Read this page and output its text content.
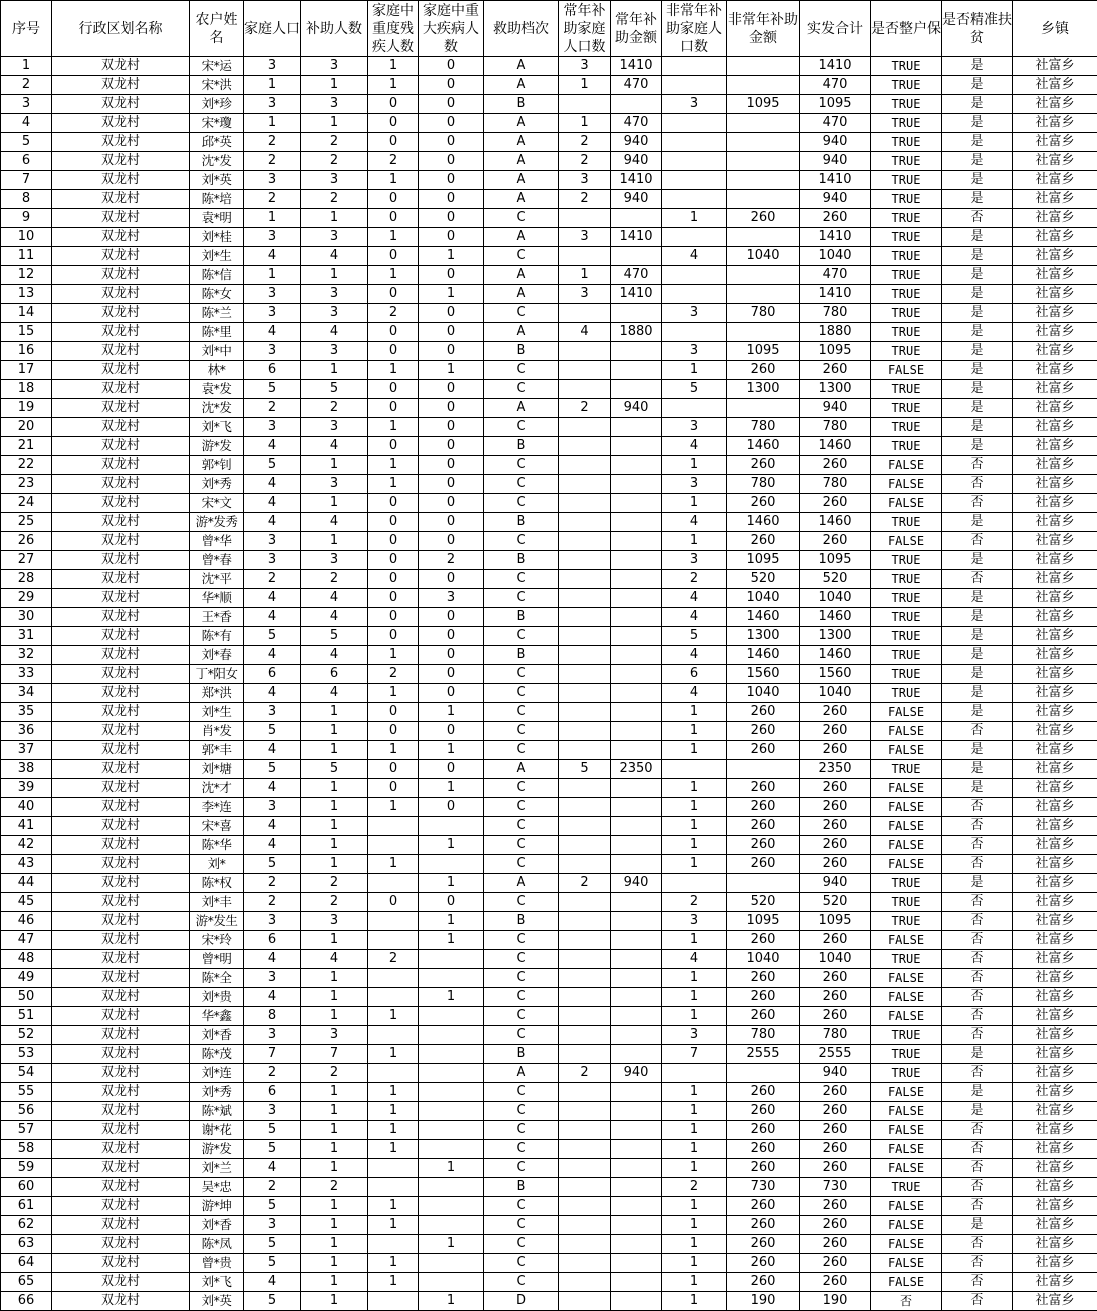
序号	行政区划名称	农户姓名	家庭人口	补助人数	家庭中重度残疾人数	家庭中重大疾病人数	救助档次	常年补助家庭人口数	常年补助金额	非常年补助家庭人口数	非常年补助金额	实发合计	是否整户保	是否精准扶贫	乡镇
1	双龙村	宋*运	3	3	1	0	A	3	1410			1410	TRUE	是	社富乡
2	双龙村	宋*洪	1	1	1	0	A	1	470			470	TRUE	是	社富乡
3	双龙村	刘*珍	3	3	0	0	B			3	1095	1095	TRUE	是	社富乡
4	双龙村	宋*瓊	1	1	0	0	A	1	470			470	TRUE	是	社富乡
5	双龙村	邱*英	2	2	0	0	A	2	940			940	TRUE	是	社富乡
6	双龙村	沈*发	2	2	2	0	A	2	940			940	TRUE	是	社富乡
7	双龙村	刘*英	3	3	1	0	A	3	1410			1410	TRUE	是	社富乡
8	双龙村	陈*培	2	2	0	0	A	2	940			940	TRUE	是	社富乡
9	双龙村	袁*明	1	1	0	0	C			1	260	260	TRUE	否	社富乡
10	双龙村	刘*桂	3	3	1	0	A	3	1410			1410	TRUE	是	社富乡
11	双龙村	刘*生	4	4	0	1	C			4	1040	1040	TRUE	是	社富乡
12	双龙村	陈*信	1	1	1	0	A	1	470			470	TRUE	是	社富乡
13	双龙村	陈*女	3	3	0	1	A	3	1410			1410	TRUE	是	社富乡
14	双龙村	陈*兰	3	3	2	0	C			3	780	780	TRUE	是	社富乡
15	双龙村	陈*里	4	4	0	0	A	4	1880			1880	TRUE	是	社富乡
16	双龙村	刘*中	3	3	0	0	B			3	1095	1095	TRUE	是	社富乡
17	双龙村	林*	6	1	1	1	C			1	260	260	FALSE	是	社富乡
18	双龙村	袁*发	5	5	0	0	C			5	1300	1300	TRUE	是	社富乡
19	双龙村	沈*发	2	2	0	0	A	2	940			940	TRUE	是	社富乡
20	双龙村	刘*飞	3	3	1	0	C			3	780	780	TRUE	是	社富乡
21	双龙村	游*发	4	4	0	0	B			4	1460	1460	TRUE	是	社富乡
22	双龙村	郭*钊	5	1	1	0	C			1	260	260	FALSE	否	社富乡
23	双龙村	刘*秀	4	3	1	0	C			3	780	780	FALSE	否	社富乡
24	双龙村	宋*文	4	1	0	0	C			1	260	260	FALSE	否	社富乡
25	双龙村	游*发秀	4	4	0	0	B			4	1460	1460	TRUE	是	社富乡
26	双龙村	曾*华	3	1	0	0	C			1	260	260	FALSE	否	社富乡
27	双龙村	曾*春	3	3	0	2	B			3	1095	1095	TRUE	是	社富乡
28	双龙村	沈*平	2	2	0	0	C			2	520	520	TRUE	否	社富乡
29	双龙村	华*顺	4	4	0	3	C			4	1040	1040	TRUE	是	社富乡
30	双龙村	王*香	4	4	0	0	B			4	1460	1460	TRUE	是	社富乡
31	双龙村	陈*有	5	5	0	0	C			5	1300	1300	TRUE	是	社富乡
32	双龙村	刘*春	4	4	1	0	B			4	1460	1460	TRUE	是	社富乡
33	双龙村	丁*阳女	6	6	2	0	C			6	1560	1560	TRUE	是	社富乡
34	双龙村	郑*洪	4	4	1	0	C			4	1040	1040	TRUE	是	社富乡
35	双龙村	刘*生	3	1	0	1	C			1	260	260	FALSE	是	社富乡
36	双龙村	肖*发	5	1	0	0	C			1	260	260	FALSE	否	社富乡
37	双龙村	郭*丰	4	1	1	1	C			1	260	260	FALSE	是	社富乡
38	双龙村	刘*塘	5	5	0	0	A	5	2350			2350	TRUE	是	社富乡
39	双龙村	沈*才	4	1	0	1	C			1	260	260	FALSE	是	社富乡
40	双龙村	李*连	3	1	1	0	C			1	260	260	FALSE	否	社富乡
41	双龙村	宋*喜	4	1			C			1	260	260	FALSE	否	社富乡
42	双龙村	陈*华	4	1		1	C			1	260	260	FALSE	否	社富乡
43	双龙村	刘*	5	1	1		C			1	260	260	FALSE	否	社富乡
44	双龙村	陈*权	2	2		1	A	2	940			940	TRUE	是	社富乡
45	双龙村	刘*丰	2	2	0	0	C			2	520	520	TRUE	否	社富乡
46	双龙村	游*发生	3	3		1	B			3	1095	1095	TRUE	否	社富乡
47	双龙村	宋*玲	6	1		1	C			1	260	260	FALSE	否	社富乡
48	双龙村	曾*明	4	4	2		C			4	1040	1040	TRUE	否	社富乡
49	双龙村	陈*全	3	1			C			1	260	260	FALSE	否	社富乡
50	双龙村	刘*贵	4	1		1	C			1	260	260	FALSE	否	社富乡
51	双龙村	华*鑫	8	1	1		C			1	260	260	FALSE	否	社富乡
52	双龙村	刘*香	3	3			C			3	780	780	TRUE	否	社富乡
53	双龙村	陈*茂	7	7	1		B			7	2555	2555	TRUE	是	社富乡
54	双龙村	刘*连	2	2			A	2	940			940	TRUE	否	社富乡
55	双龙村	刘*秀	6	1	1		C			1	260	260	FALSE	是	社富乡
56	双龙村	陈*斌	3	1	1		C			1	260	260	FALSE	是	社富乡
57	双龙村	谢*花	5	1	1		C			1	260	260	FALSE	否	社富乡
58	双龙村	游*发	5	1	1		C			1	260	260	FALSE	否	社富乡
59	双龙村	刘*兰	4	1		1	C			1	260	260	FALSE	否	社富乡
60	双龙村	吴*忠	2	2			B			2	730	730	TRUE	否	社富乡
61	双龙村	游*坤	5	1	1		C			1	260	260	FALSE	否	社富乡
62	双龙村	刘*香	3	1	1		C			1	260	260	FALSE	是	社富乡
63	双龙村	陈*凤	5	1		1	C			1	260	260	FALSE	否	社富乡
64	双龙村	曾*贵	5	1	1		C			1	260	260	FALSE	否	社富乡
65	双龙村	刘*飞	4	1	1		C			1	260	260	FALSE	否	社富乡
66	双龙村	刘*英	5	1		1	D			1	190	190	否	否	社富乡
